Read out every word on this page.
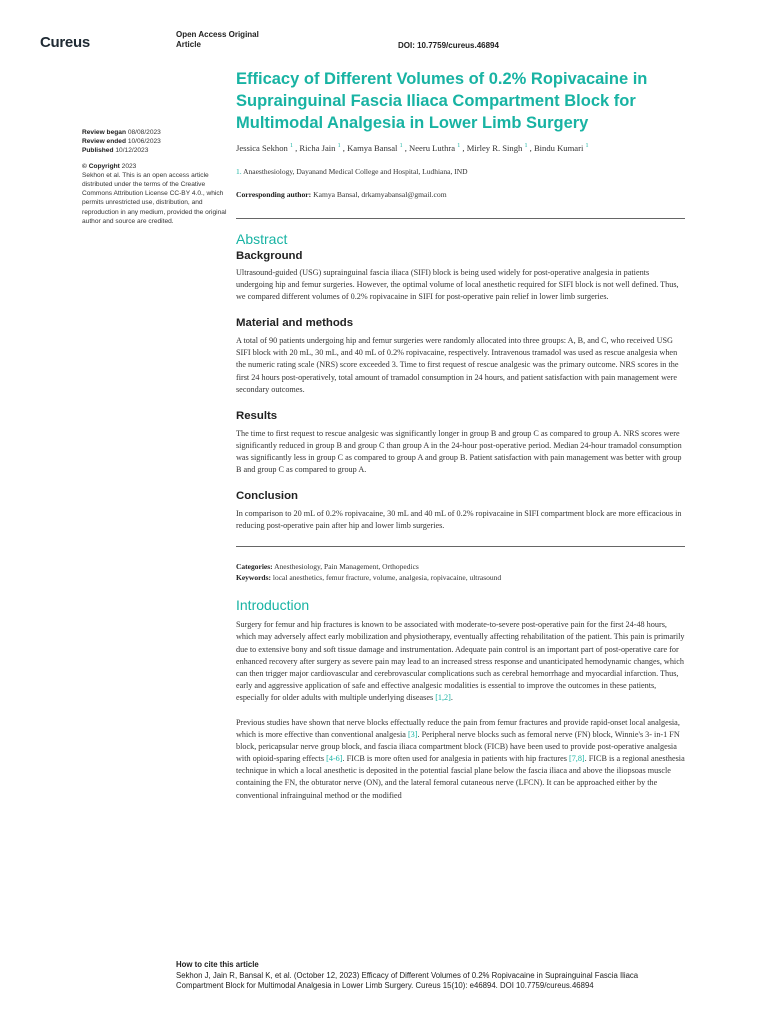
Cureus	Open Access Original
Article	DOI: 10.7759/cureus.46894
Review began 08/08/2023
Review ended 10/06/2023
Published 10/12/2023
© Copyright 2023
Sekhon et al. This is an open access article distributed under the terms of the Creative Commons Attribution License CC-BY 4.0., which permits unrestricted use, distribution, and reproduction in any medium, provided the original author and source are credited.
Efficacy of Different Volumes of 0.2% Ropivacaine in Suprainguinal Fascia Iliaca Compartment Block for Multimodal Analgesia in Lower Limb Surgery
Jessica Sekhon $^1$ , Richa Jain $^1$ , Kamya Bansal $^1$ , Neeru Luthra $^1$ , Mirley R. Singh $^1$ , Bindu Kumari $^1$
1. Anaesthesiology, Dayanand Medical College and Hospital, Ludhiana, IND
Corresponding author: Kamya Bansal, drkamyabansal@gmail.com
Abstract
Background

Ultrasound-guided (USG) suprainguinal fascia iliaca (SIFI) block is being used widely for post-operative analgesia in patients undergoing hip and femur surgeries. However, the optimal volume of local anesthetic required for SIFI block is not well defined. Thus, we compared different volumes of 0.2% ropivacaine in SIFI for post-operative pain relief in lower limb surgeries.

Material and methods

A total of 90 patients undergoing hip and femur surgeries were randomly allocated into three groups: A, B, and C, who received USG SIFI block with 20 mL, 30 mL, and 40 mL of 0.2% ropivacaine, respectively. Intravenous tramadol was used as rescue analgesia when the numeric rating scale (NRS) score exceeded 3. Time to first request of rescue analgesic was the primary outcome. NRS scores in the first 24 hours post-operatively, total amount of tramadol consumption in 24 hours, and patient satisfaction with pain management were secondary outcomes.

Results

The time to first request to rescue analgesic was significantly longer in group B and group C as compared to group A. NRS scores were significantly reduced in group B and group C than group A in the 24-hour post-operative period. Median 24-hour tramadol consumption was significantly less in group C as compared to group A and group B. Patient satisfaction with pain management was better with group B and group C as compared to group A.

Conclusion

In comparison to 20 mL of 0.2% ropivacaine, 30 mL and 40 mL of 0.2% ropivacaine in SIFI compartment block are more efficacious in reducing post-operative pain after hip and lower limb surgeries.

Categories: Anesthesiology, Pain Management, Orthopedics
Keywords: local anesthetics, femur fracture, volume, analgesia, ropivacaine, ultrasound
Introduction

Surgery for femur and hip fractures is known to be associated with moderate-to-severe post-operative pain for the first 24-48 hours, which may adversely affect early mobilization and physiotherapy, eventually affecting rehabilitation of the patient. This pain is primarily due to extensive bony and soft tissue damage and instrumentation. Adequate pain control is an important part of post-operative care for enhanced recovery after surgery as severe pain may lead to an increased stress response and unanticipated hemodynamic changes, which can then trigger major cardiovascular and cerebrovascular complications such as cerebral hemorrhage and myocardial infarction. Thus, early and aggressive application of safe and effective analgesic modalities is essential to improve the outcomes in these patients, especially for older adults with multiple underlying diseases [1,2].

Previous studies have shown that nerve blocks effectually reduce the pain from femur fractures and provide rapid-onset local analgesia, which is more effective than conventional analgesia [3]. Peripheral nerve blocks such as femoral nerve (FN) block, Winnie's 3- in-1 FN block, pericapsular nerve group block, and fascia iliaca compartment block (FICB) have been used to provide post-operative analgesia with opioid-sparing effects [4-6]. FICB is more often used for analgesia in patients with hip fractures [7,8]. FICB is a regional anesthesia technique in which a local anesthetic is deposited in the potential fascial plane below the fascia iliaca and above the iliopsoas muscle containing the FN, the obturator nerve (ON), and the lateral femoral cutaneous nerve (LFCN). It can be approached either by the conventional infrainguinal method or the modified

How to cite this article
Sekhon J, Jain R, Bansal K, et al. (October 12, 2023) Efficacy of Different Volumes of 0.2% Ropivacaine in Suprainguinal Fascia Iliaca Compartment Block for Multimodal Analgesia in Lower Limb Surgery. Cureus 15(10): e46894. DOI 10.7759/cureus.46894
